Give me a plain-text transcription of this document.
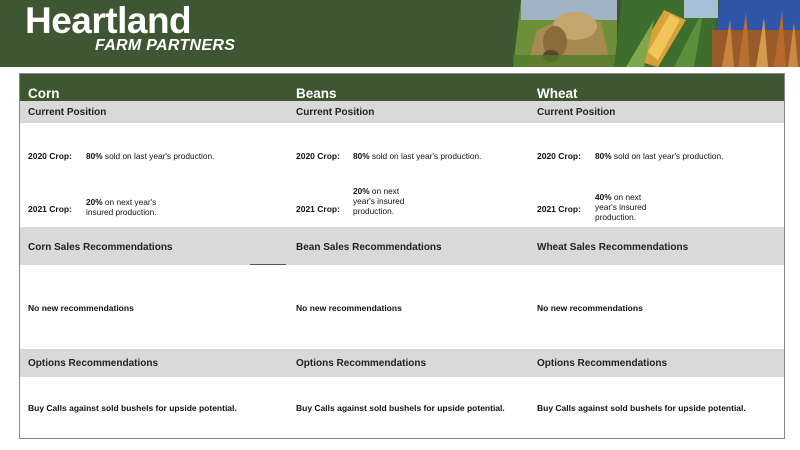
Heartland
FARM PARTNERS
Corn
Current Position
2020 Crop: 80% sold on last year's production.
2021 Crop:
20% on next year's insured production.
Corn Sales Recommendations
No new recommendations
Options Recommendations
Buy Calls against sold bushels for upside potential.
Beans
Current Position
2020 Crop: 80% sold on last year's production.
2021 Crop:
20% on next year's insured production.
Bean Sales Recommendations
No new recommendations
Options Recommendations
Buy Calls against sold bushels for upside potential.
Wheat
Current Position
2020 Crop: 80% sold on last year's production.
2021 Crop:
40% on next year's insured production.
Wheat Sales Recommendations
No new recommendations
Options Recommendations
Buy Calls against sold bushels for upside potential.
